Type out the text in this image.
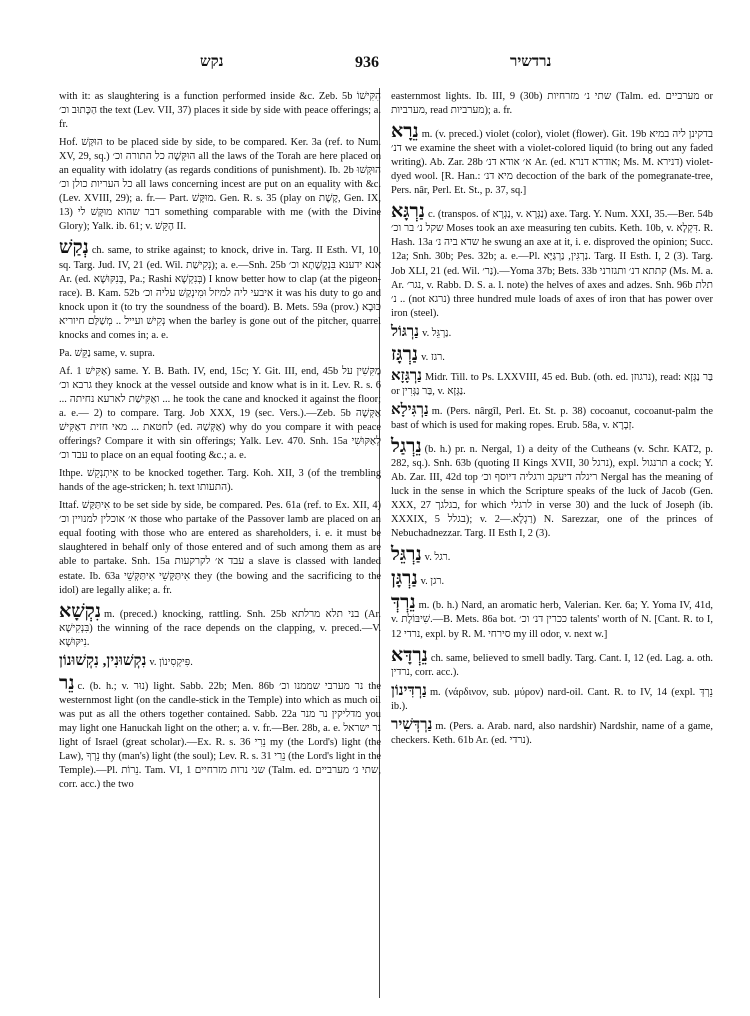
נקש	936	נרדשיר
with it: as slaughtering is a function performed inside &c. Zeb. 5b הִקִּישׁוֹ הַכָּתוּב וכ׳ the text (Lev. VII, 37) places it side by side with peace offerings; a. fr.
Hof. הוּקַּשׁ to be placed side by side, to be compared. Ker. 3a (ref. to Num. XV, 29, sq.) הוּקְּשָׁה כל התורה וכ׳ all the laws of the Torah are here placed on an equality with idolatry (as regards conditions of punishment). Ib. 2b הוּקְּשׁוּ כל העריות כולן וכ׳ all laws concerning incest are put on an equality with &c. (Lev. XVIII, 29); a. fr.— Part. מוּקָּשׁ. Gen. R. s. 35 (play on קֶשֶׁת, Gen. IX, 13) דבר שהוא מוּקָּשׁ לי something comparable with me (with the Divine Glory); Yalk. ib. 61; v. הֶקֵּשׁ II.
נְקַשׁ ch. same, to strike against; to knock, drive in. Targ. II Esth. VI, 10, sq. Targ. Jud. IV, 21 (ed. Wil. נְקִישַׁת); a. e.—Snh. 25b אנא ידענא בִּנְקָשָׁתָא וכ׳ Ar. (ed. בְּנִקּוּשָׁא, Pa.; Rashi בְּנִקְשָׁא) I know better how to clap (at the pigeon-race). B. Kam. 52b איבעי ליה למיזל וּמִינְקַשׁ עליה וכ׳ it was his duty to go and knock upon it (to try the soundness of the board). B. Mets. 59a (prov.) כּוּבָא נְקִישׁ ועייל .. מְשַׁלַּם חיוריא when the barley is gone out of the pitcher, quarrel knocks and comes in; a. e.
Pa. נַקֵּשׁ same, v. supra.
Af. אַקִּישׁ 1) same. Y. B. Bath. IV, end, 15c; Y. Git. III, end, 45b מַקִּשִׁין על גרבא וכ׳ they knock at the vessel outside and know what is in it. Lev. R. s. 6 ... ואַקִּישַׁת לארעא נחיתה ... he took the cane and knocked it against the floor; a. e.— 2) to compare. Targ. Job XXX, 19 (sec. Vers.).—Zeb. 5b אַקְּשָׁה לחטאת ... מאי חזית דאַקִּישׁ (ed. אַקְּשַׁהּ) why do you compare it with peace offerings? Compare it with sin offerings; Yalk. Lev. 470. Snh. 15a לְאַקּוּשִׁי עבד וכ׳ to place on an equal footing &c.; a. e.
Ithpe. אִיתְנְקֵשׁ to be knocked together. Targ. Koh. XII, 3 (of the trembling hands of the age-stricken; h. text התעותו).
Ittaf. אִיתַּקַּשׁ to be set side by side, be compared. Pes. 61a (ref. to Ex. XII, 4) א׳ אוכלין למנויין וכ׳ those who partake of the Passover lamb are placed on an equal footing with those who are entered as shareholders, i. e. it must be slaughtered in behalf only of those entered and of such among them as are able to partake. Snh. 15a עבד א׳ לקרקעות a slave is classed with landed estate. Ib. 63a אִיתַּקְּשֵׁי אִיתַּקְּשֵׁי they (the bowing and the sacrificing to the idol) are legally alike; a. fr.
נִקְשָׁא m. (preced.) knocking, rattling. Snh. 25b בני תלא מרלתא (Ar. בִּנְקִישָׁא) the winning of the race depends on the clapping, v. preced.—V. נִיקּוּשָׁא.
נִקְשׁוּנִין, נִקְשׁוּנוֹן v. פִּיקְסִינוֹן.
נֵר c. (b. h.; v. נוּר) light. Sabb. 22b; Men. 86b נר מערבי שממנו וכ׳ the westernmost light (on the candle-stick in the Temple) into which as much oil was put as all the others together contained. Sabb. 22a מדליקין נר מנר you may light one Hanuckah light on the other; a. v. fr.—Ber. 28b, a. e. נר ישראל light of Israel (great scholar).—Ex. R. s. 36 נֵרִי my (the Lord's) light (the Law), נֵרְךָ thy (man's) light (the soul); Lev. R. s. 31 נֵרִי (the Lord's light in the Temple).—Pl. נֵרוֹת. Tam. VI, 1 שני נרות מזרחיים (Talm. ed. שתי נ׳ מערביים, corr. acc.) the two
easternmost lights. Ib. III, 9 (30b) שתי נ׳ מזרחיות (Talm. ed. מערביים or מערביות, read מערביות); a. fr.
נֵרָא m. (v. preced.) violet (color), violet (flower). Git. 19b בדקינן ליה במיא דנ׳ we examine the sheet with a violet-colored liquid (to bring out any faded writing). Ab. Zar. 28b א׳ אודא דנ׳ Ar. (ed. אודרא דנרא; Ms. M. דנירא) violet-dyed wool. [R. Han.: מיא דנ׳ decoction of the bark of the pomegranate-tree, Pers. nâr, Perl. Et. St., p. 37, sq.]
נַרְגָּא c. (transpos. of נַגְרָא, v. נַגְּרָא) axe. Targ. Y. Num. XXI, 35.—Ber. 54b שקל נ׳ בר וכ׳ Moses took an axe measuring ten cubits. Keth. 10b, v. דִּקְלָא. R. Hash. 13a שדא ביה נ׳ he swung an axe at it, i. e. disproved the opinion; Succ. 12a; Snh. 30b; Pes. 32b; a. e.—Pl. נַרְגִּין, נַרְגַּיָּא. Targ. II Esth. I, 2 (3). Targ. Job XLI, 21 (ed. Wil. נַר׳).—Yoma 37b; Bets. 33b קתתא דנ׳ ותגזרני (Ms. M. a. Ar. נגר׳, v. Rabb. D. S. a. l. note) the helves of axes and adzes. Snh. 96b תלת .. נ׳ (not נרגא) three hundred mule loads of axes of iron that has power over iron (steel).
נַרְגּוֹל v. נַרְגֵּל.
נַרְגָּז v. רגז.
נַרְגָּזָא Midr. Till. to Ps. LXXVIII, 45 ed. Bub. (oth. ed. נרגוזן), read: בַּר נַגְּזָא or בַּר נַגְּרִין, v. נַגְּזָא.
נַרְגִּילָא m. (Pers. nârgîl, Perl. Et. St. p. 38) cocoanut, cocoanut-palm the bast of which is used for making ropes. Erub. 58a, v. זְבָרָא.
נֵרְגַל (b. h.) pr. n. Nergal, 1) a deity of the Cutheans (v. Schr. KAT2, p. 282, sq.). Snh. 63b (quoting II Kings XVII, 30 נרגל), expl. תרנגול a cock; Y. Ab. Zar. III, 42d top ריגלה דיעקב ורגליה דיוסף וכ׳ Nergal has the meaning of luck in the sense in which the Scripture speaks of the luck of Jacob (Gen. XXX, 27 בגלגך, for which לרגלי in verse 30) and the luck of Joseph (ib. XXXIX, 5 בגלל); v. רַגְלָא.—2) N. Sarezzar, one of the princes of Nebuchadnezzar. Targ. II Esth I, 2 (3).
נַרְגֵּל v. רגל.
נַרְגָּן v. רגן.
נֵרְדְּ m. (b. h.) Nard, an aromatic herb, Valerian. Ker. 6a; Y. Yoma IV, 41d, v. שִׁיבּוֹלֶת.—B. Mets. 86a bot. ככרין דנ׳ וכ׳ talents' worth of N. [Cant. R. to I, 12 נרדי, expl. by R. M. סירחי my ill odor, v. next w.]
נֵרְדָּא ch. same, believed to smell badly. Targ. Cant. I, 12 (ed. Lag. a. oth. נרדין, corr. acc.).
נַרְדִּינוֹן m. (νάρδινον, sub. μύρον) nard-oil. Cant. R. to IV, 14 (expl. נֵרְדְּ ib.).
נַרְדְּשִׁיר m. (Pers. a. Arab. nard, also nardshir) Nardshir, name of a game, checkers. Keth. 61b Ar. (ed. נרדי).
